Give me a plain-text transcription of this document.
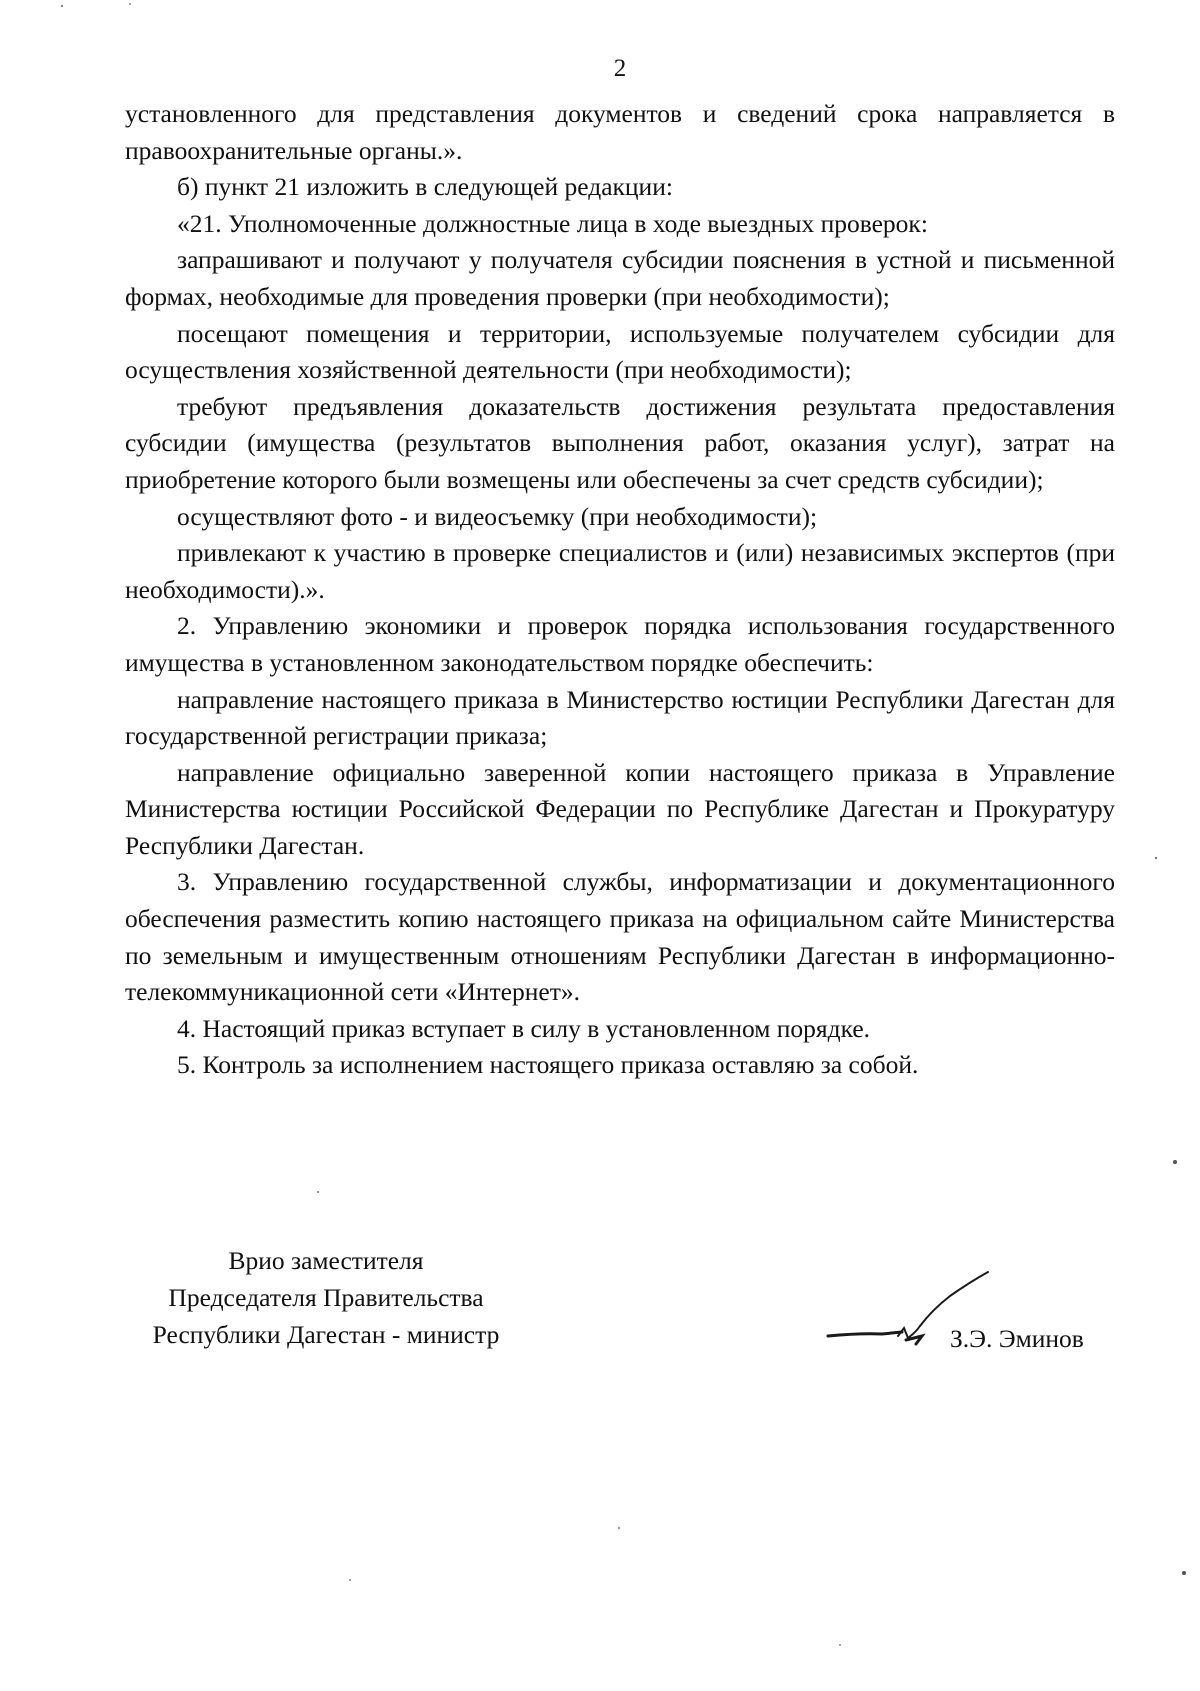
2

установленного для представления документов и сведений срока направляется в правоохранительные органы.».

б) пункт 21 изложить в следующей редакции:

«21. Уполномоченные должностные лица в ходе выездных проверок:

запрашивают и получают у получателя субсидии пояснения в устной и письменной формах, необходимые для проведения проверки (при необходимости);

посещают помещения и территории, используемые получателем субсидии для осуществления хозяйственной деятельности (при необходимости);

требуют предъявления доказательств достижения результата предоставления субсидии (имущества (результатов выполнения работ, оказания услуг), затрат на приобретение которого были возмещены или обеспечены за счет средств субсидии);

осуществляют фото - и видеосъемку (при необходимости);

привлекают к участию в проверке специалистов и (или) независимых экспертов (при необходимости).».

2. Управлению экономики и проверок порядка использования государственного имущества в установленном законодательством порядке обеспечить:

направление настоящего приказа в Министерство юстиции Республики Дагестан для государственной регистрации приказа;

направление официально заверенной копии настоящего приказа в Управление Министерства юстиции Российской Федерации по Республике Дагестан и Прокуратуру Республики Дагестан.

3. Управлению государственной службы, информатизации и документационного обеспечения разместить копию настоящего приказа на официальном сайте Министерства по земельным и имущественным отношениям Республики Дагестан в информационно-телекоммуникационной сети «Интернет».

4. Настоящий приказ вступает в силу в установленном порядке.

5. Контроль за исполнением настоящего приказа оставляю за собой.

Врио заместителя
Председателя Правительства
Республики Дагестан - министр	З.Э. Эминов
